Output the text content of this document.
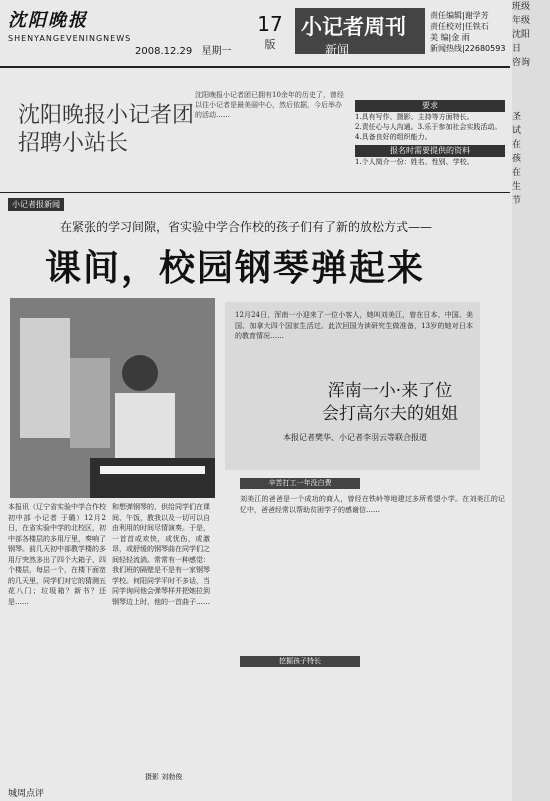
沈阳晚报
SHENYANGEVENINGNEWS
2008.12.29 星期一
17
版
小记者周刊
新闻
责任编辑|谢学芳
责任校对|任铁石
美 编|金 雨
新闻热线|22680593
沈阳晚报小记者团
招聘小站长
沈阳晚报小记者团已拥有10余年的历史了，曾经以往小记者是最美丽中心，然后依据，今后举办的活动……
要求
1.具有写作、摄影、主持等方面特长。
2.责任心与人沟通。3.乐于参加社会实践活动。4.具备良好的组织能力。
报名时需要提供的资料
1.个人简介一份：姓名、性别、学校。
小记者报新闻
在紧张的学习间隙，省实验中学合作校的孩子们有了新的放松方式——
课间，校园钢琴弹起来
本报讯（辽宁省实验中学合作校初中部 小记者 于璐）12月2日，在省实验中学的北校区，初中部各楼层的多用厅里，奏响了钢琴。前几天初中部教学楼的多用厅突然多出了四个大箱子，四个楼层，每层一个，在楼下面宽的几天里，同学们对它的猜测五花八门；垃圾箱？新书？还是……
和想弹钢琴的，供给同学们在课间、午饭，教我以及一切可以自由利用的时间尽情演奏。于是，一首首或欢快，或忧伤，或激昂，或舒缓的钢琴曲在同学们之间轻轻流淌。常常有一种感觉：我们班的隔壁是不是有一家钢琴学校。何阳同学平时不多话，当同学询问他会弹琴样并把她拉到钢琴边上时，他的一首曲子……
摄影 刘勃俊
12月24日，浑南一小迎来了一位小客人，她叫刘美江，曾在日本、中国、美国、加拿大四个国家生活过。此次回国为读研究生做准备，13岁的她对日本的教育情况……
浑南一小·来了位
会打高尔夫的姐姐
本报记者樊华、小记者李羽云等联合报道
辛苦打工一年没白费
刘美江的爸爸是一个成功的商人，曾经在铁岭等地建过多所希望小学。在刘美江的记忆中，爸爸经常以帮助贫困学子的感谢信……
挖掘孩子特长
班级
年级
沈阳
日
咨询
圣
试
在
孩
在
生
节
城周点评
